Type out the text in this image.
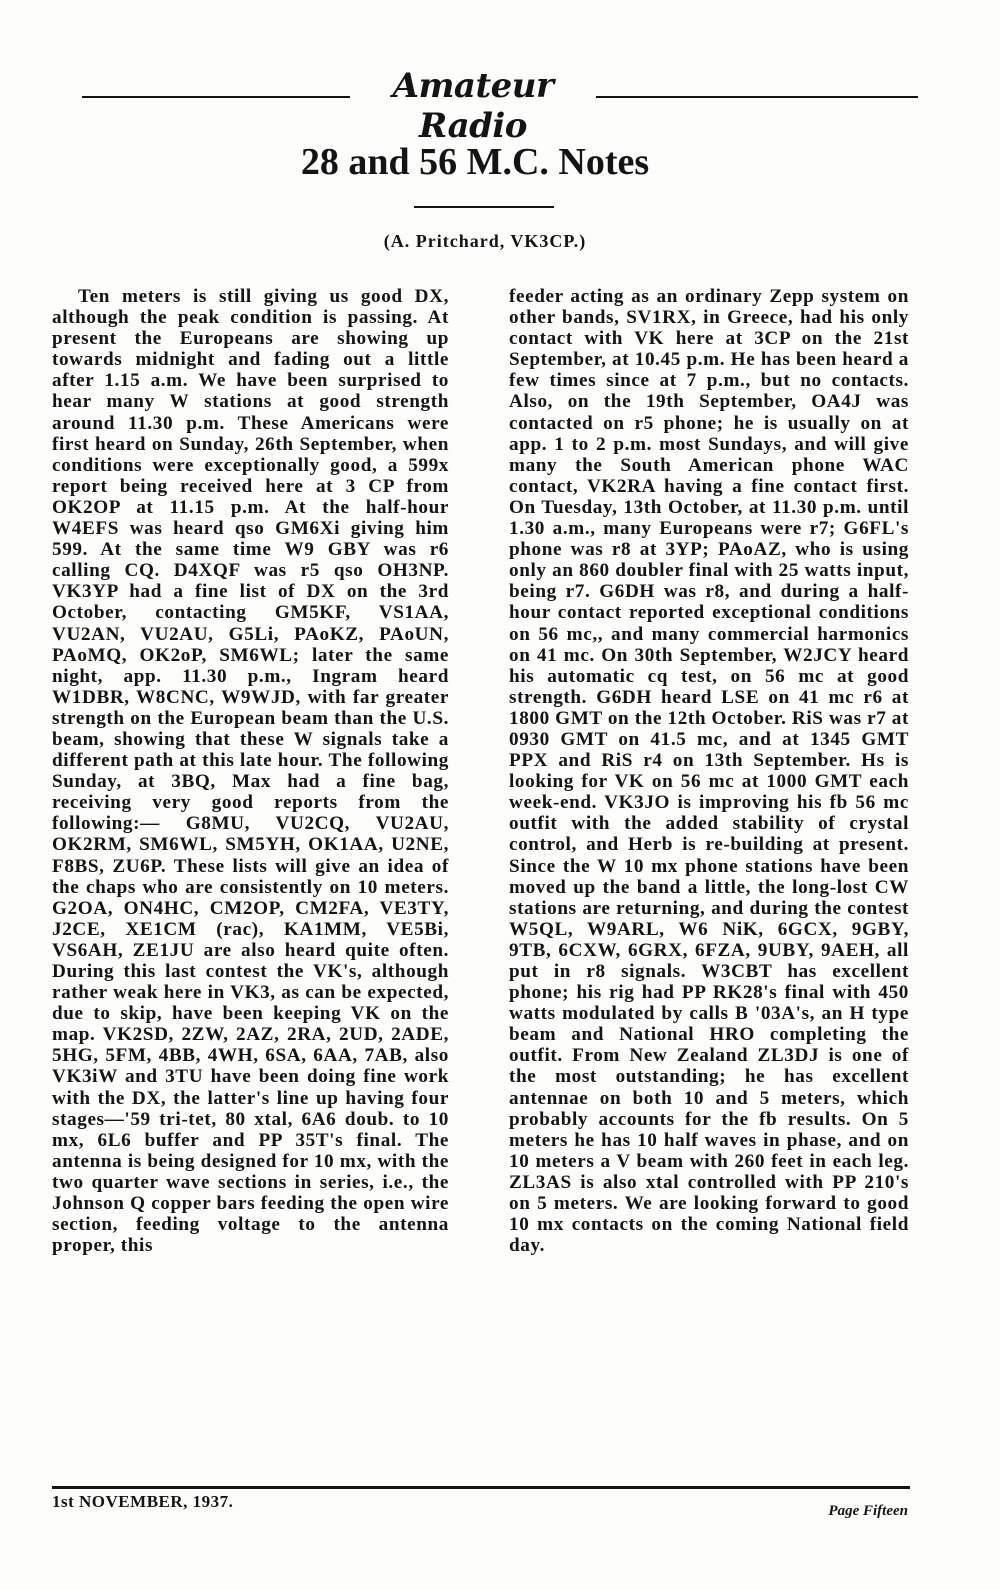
Amateur Radio
28 and 56 M.C. Notes
(A. Pritchard, VK3CP.)

Ten meters is still giving us good DX, although the peak condition is passing. At present the Europeans are showing up towards midnight and fading out a little after 1.15 a.m. We have been surprised to hear many W stations at good strength around 11.30 p.m. These Americans were first heard on Sunday, 26th September, when conditions were exceptionally good, a 599x report being received here at 3 CP from OK2OP at 11.15 p.m. At the half-hour W4EFS was heard qso GM6Xi giving him 599. At the same time W9 GBY was r6 calling CQ. D4XQF was r5 qso OH3NP. VK3YP had a fine list of DX on the 3rd October, contacting GM5KF, VS1AA, VU2AN, VU2AU, G5Li, PAoKZ, PAoUN, PAoMQ, OK2oP, SM6WL; later the same night, app. 11.30 p.m., Ingram heard W1DBR, W8CNC, W9WJD, with far greater strength on the European beam than the U.S. beam, showing that these W signals take a different path at this late hour. The following Sunday, at 3BQ, Max had a fine bag, receiving very good reports from the following:— G8MU, VU2CQ, VU2AU, OK2RM, SM6WL, SM5YH, OK1AA, U2NE, F8BS, ZU6P. These lists will give an idea of the chaps who are consistently on 10 meters. G2OA, ON4HC, CM2OP, CM2FA, VE3TY, J2CE, XE1CM (rac), KA1MM, VE5Bi, VS6AH, ZE1JU are also heard quite often. During this last contest the VK's, although rather weak here in VK3, as can be expected, due to skip, have been keeping VK on the map. VK2SD, 2ZW, 2AZ, 2RA, 2UD, 2ADE, 5HG, 5FM, 4BB, 4WH, 6SA, 6AA, 7AB, also VK3iW and 3TU have been doing fine work with the DX, the latter's line up having four stages—'59 tri-tet, 80 xtal, 6A6 doub. to 10 mx, 6L6 buffer and PP 35T's final. The antenna is being designed for 10 mx, with the two quarter wave sections in series, i.e., the Johnson Q copper bars feeding the open wire section, feeding voltage to the antenna proper, this

feeder acting as an ordinary Zepp system on other bands, SV1RX, in Greece, had his only contact with VK here at 3CP on the 21st September, at 10.45 p.m. He has been heard a few times since at 7 p.m., but no contacts. Also, on the 19th September, OA4J was contacted on r5 phone; he is usually on at app. 1 to 2 p.m. most Sundays, and will give many the South American phone WAC contact, VK2RA having a fine contact first. On Tuesday, 13th October, at 11.30 p.m. until 1.30 a.m., many Europeans were r7; G6FL's phone was r8 at 3YP; PAoAZ, who is using only an 860 doubler final with 25 watts input, being r7. G6DH was r8, and during a half-hour contact reported exceptional conditions on 56 mc,, and many commercial harmonics on 41 mc. On 30th September, W2JCY heard his automatic cq test, on 56 mc at good strength. G6DH heard LSE on 41 mc r6 at 1800 GMT on the 12th October. RiS was r7 at 0930 GMT on 41.5 mc, and at 1345 GMT PPX and RiS r4 on 13th September. Hs is looking for VK on 56 mc at 1000 GMT each week-end. VK3JO is improving his fb 56 mc outfit with the added stability of crystal control, and Herb is re-building at present. Since the W 10 mx phone stations have been moved up the band a little, the long-lost CW stations are returning, and during the contest W5QL, W9ARL, W6 NiK, 6GCX, 9GBY, 9TB, 6CXW, 6GRX, 6FZA, 9UBY, 9AEH, all put in r8 signals. W3CBT has excellent phone; his rig had PP RK28's final with 450 watts modulated by calls B '03A's, an H type beam and National HRO completing the outfit. From New Zealand ZL3DJ is one of the most outstanding; he has excellent antennae on both 10 and 5 meters, which probably accounts for the fb results. On 5 meters he has 10 half waves in phase, and on 10 meters a V beam with 260 feet in each leg. ZL3AS is also xtal controlled with PP 210's on 5 meters. We are looking forward to good 10 mx contacts on the coming National field day.

1st NOVEMBER, 1937.	Page Fifteen
